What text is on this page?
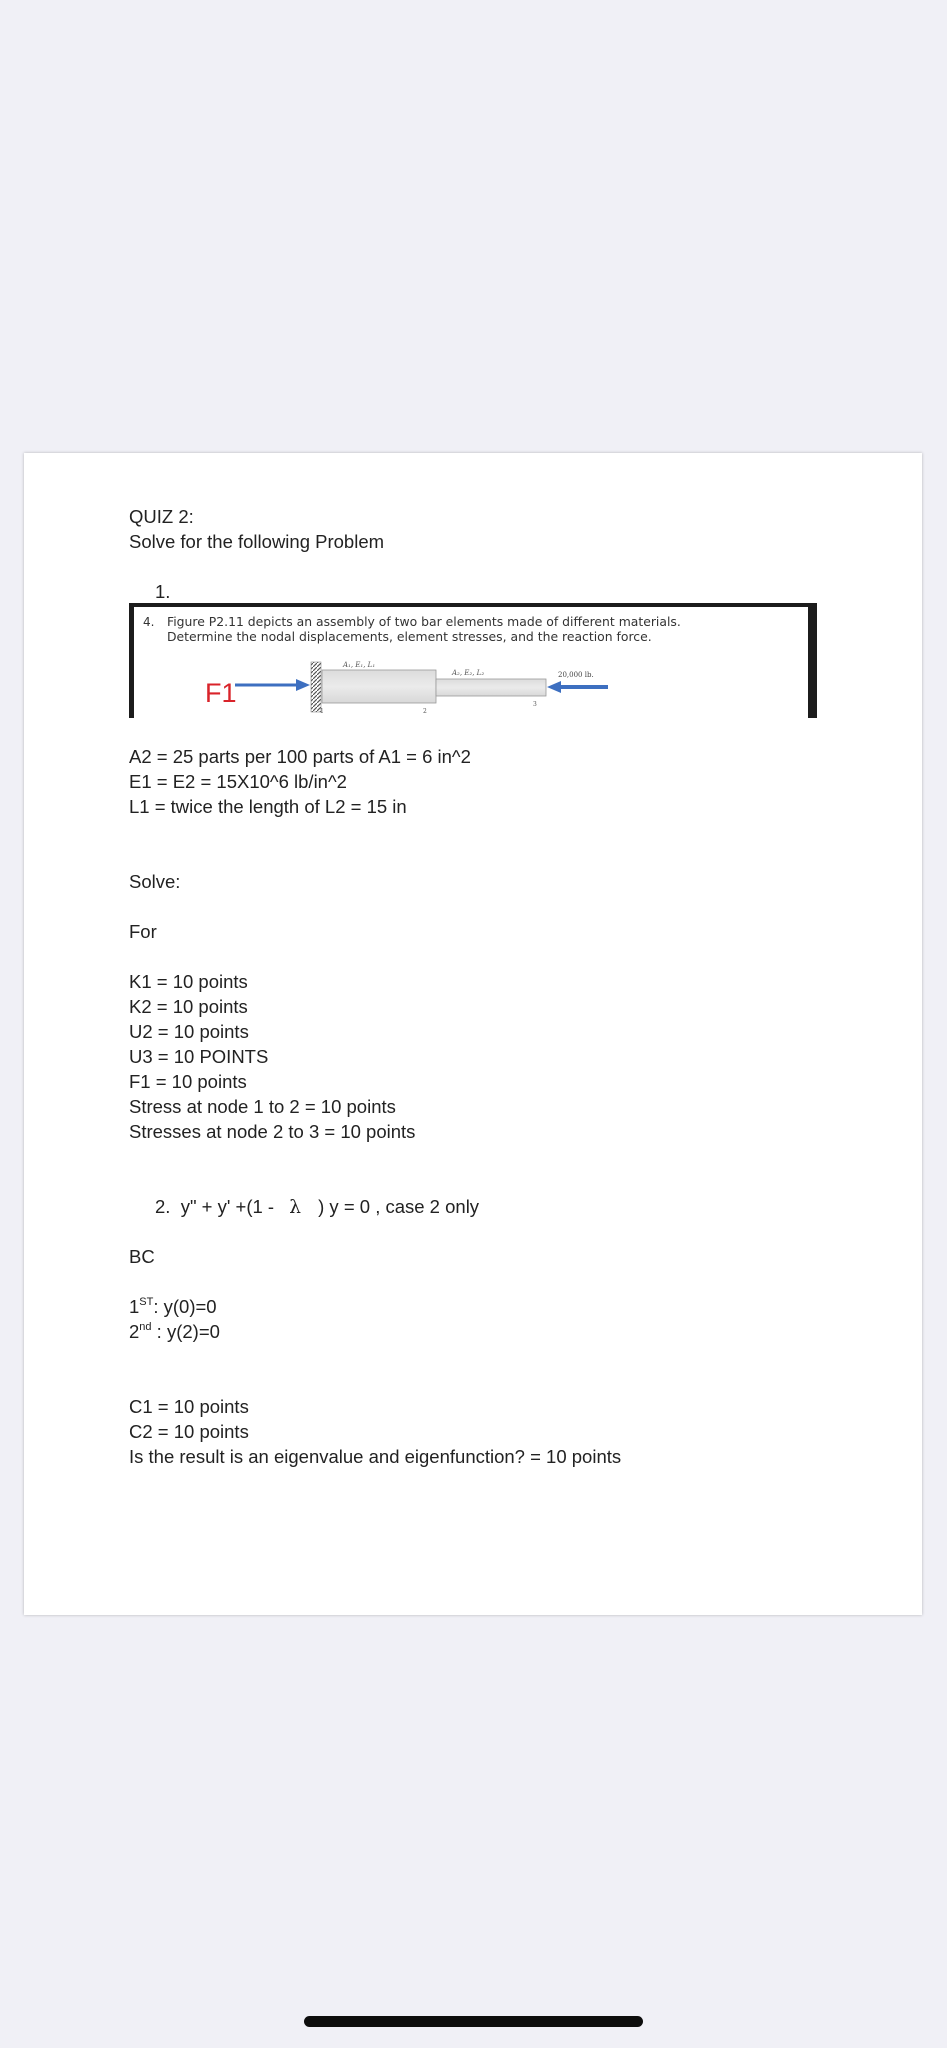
QUIZ 2:
Solve for the following Problem
1.
4. Figure P2.11 depicts an assembly of two bar elements made of different materials.
Determine the nodal displacements, element stresses, and the reaction force.
F1
1
A₁, E₁, L₁
A₂, E₂, L₂
2
3
20,000 lb.
A2 = 25 parts per 100 parts of A1 = 6 in^2
E1 = E2 = 15X10^6 lb/in^2
L1 = twice the length of L2 = 15 in
Solve:
For
K1 = 10 points
K2 = 10 points
U2 = 10 points
U3 = 10 POINTS
F1 = 10 points
Stress at node 1 to 2 = 10 points
Stresses at node 2 to 3 = 10 points
2. y" + y' +(1 - λ ) y = 0 , case 2 only
BC
1ST: y(0)=0
2nd : y(2)=0
C1 = 10 points
C2 = 10 points
Is the result is an eigenvalue and eigenfunction? = 10 points
